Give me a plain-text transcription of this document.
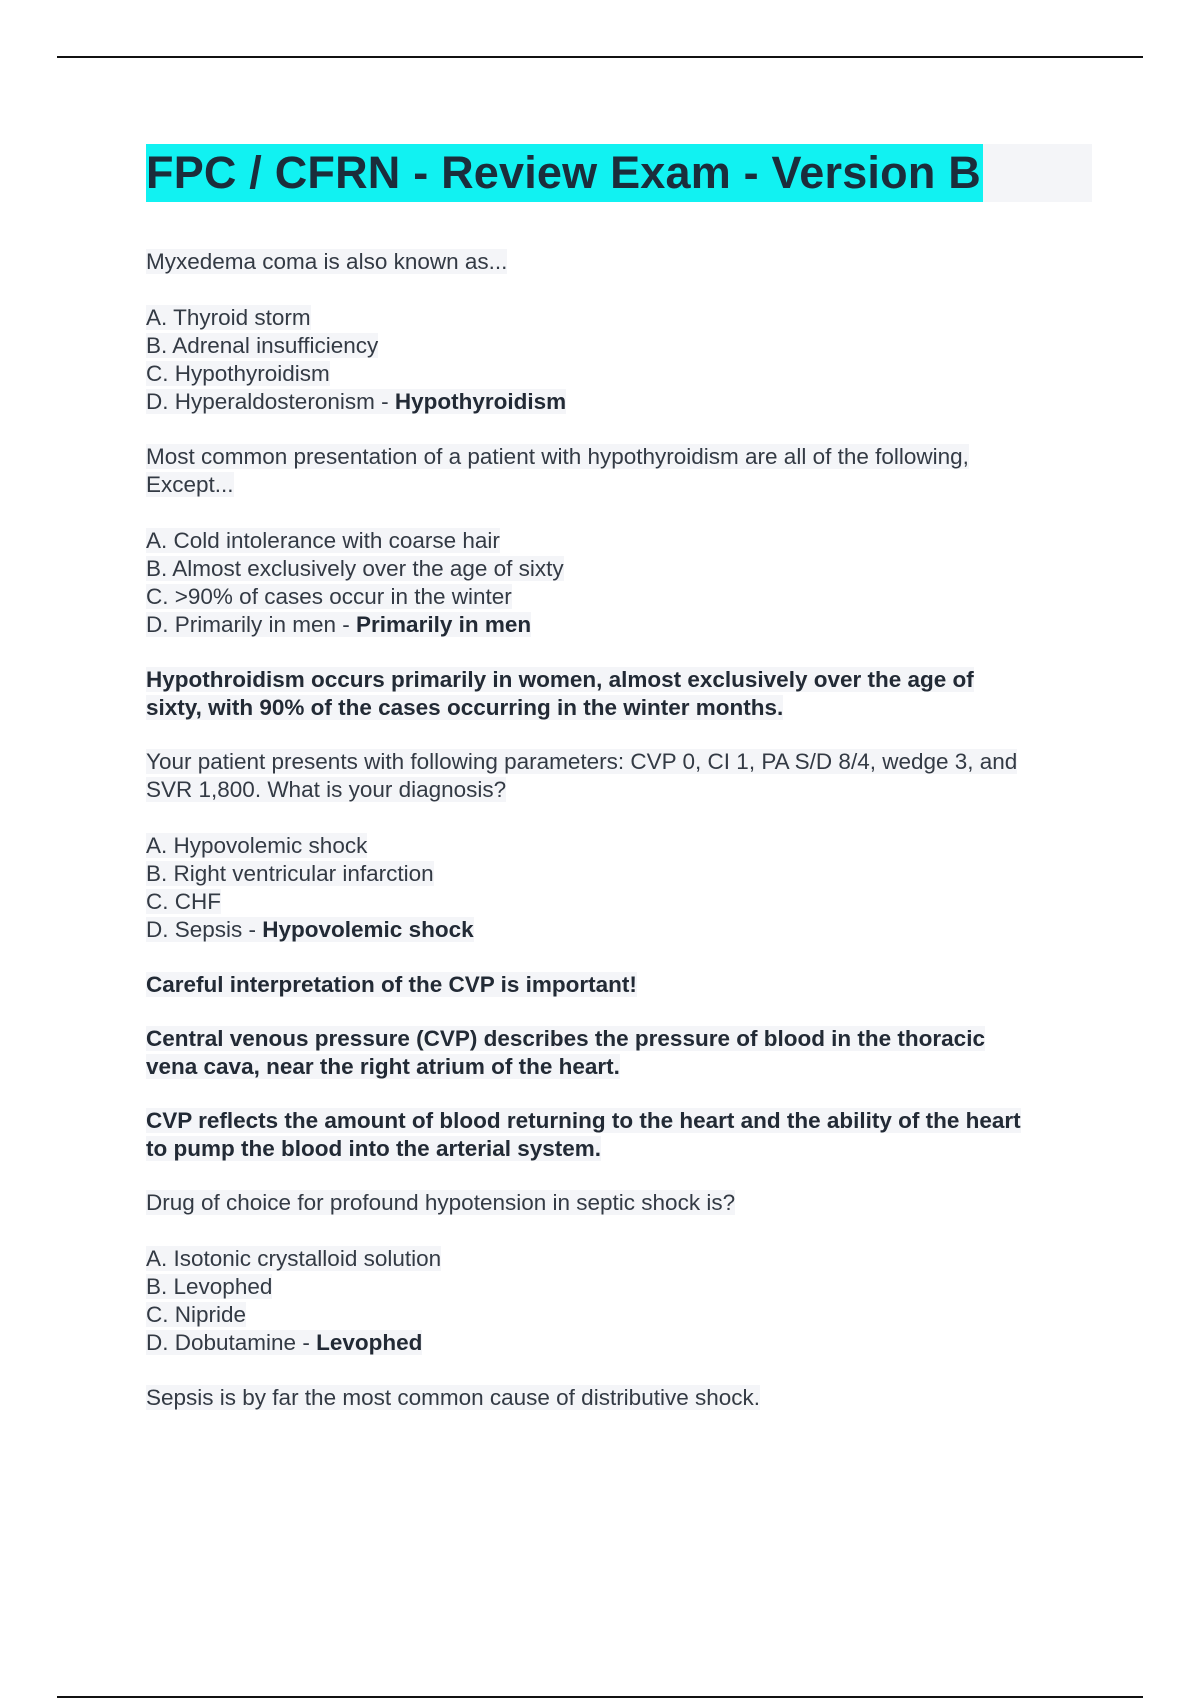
FPC / CFRN - Review Exam - Version B
Myxedema coma is also known as...
A. Thyroid storm
B. Adrenal insufficiency
C. Hypothyroidism
D. Hyperaldosteronism - Hypothyroidism
Most common presentation of a patient with hypothyroidism are all of the following,
Except...
A. Cold intolerance with coarse hair
B. Almost exclusively over the age of sixty
C. >90% of cases occur in the winter
D. Primarily in men - Primarily in men
Hypothroidism occurs primarily in women, almost exclusively over the age of
sixty, with 90% of the cases occurring in the winter months.
Your patient presents with following parameters: CVP 0, CI 1, PA S/D 8/4, wedge 3, and
SVR 1,800. What is your diagnosis?
A. Hypovolemic shock
B. Right ventricular infarction
C. CHF
D. Sepsis - Hypovolemic shock
Careful interpretation of the CVP is important!
Central venous pressure (CVP) describes the pressure of blood in the thoracic
vena cava, near the right atrium of the heart.
CVP reflects the amount of blood returning to the heart and the ability of the heart
to pump the blood into the arterial system.
Drug of choice for profound hypotension in septic shock is?
A. Isotonic crystalloid solution
B. Levophed
C. Nipride
D. Dobutamine - Levophed
Sepsis is by far the most common cause of distributive shock.
